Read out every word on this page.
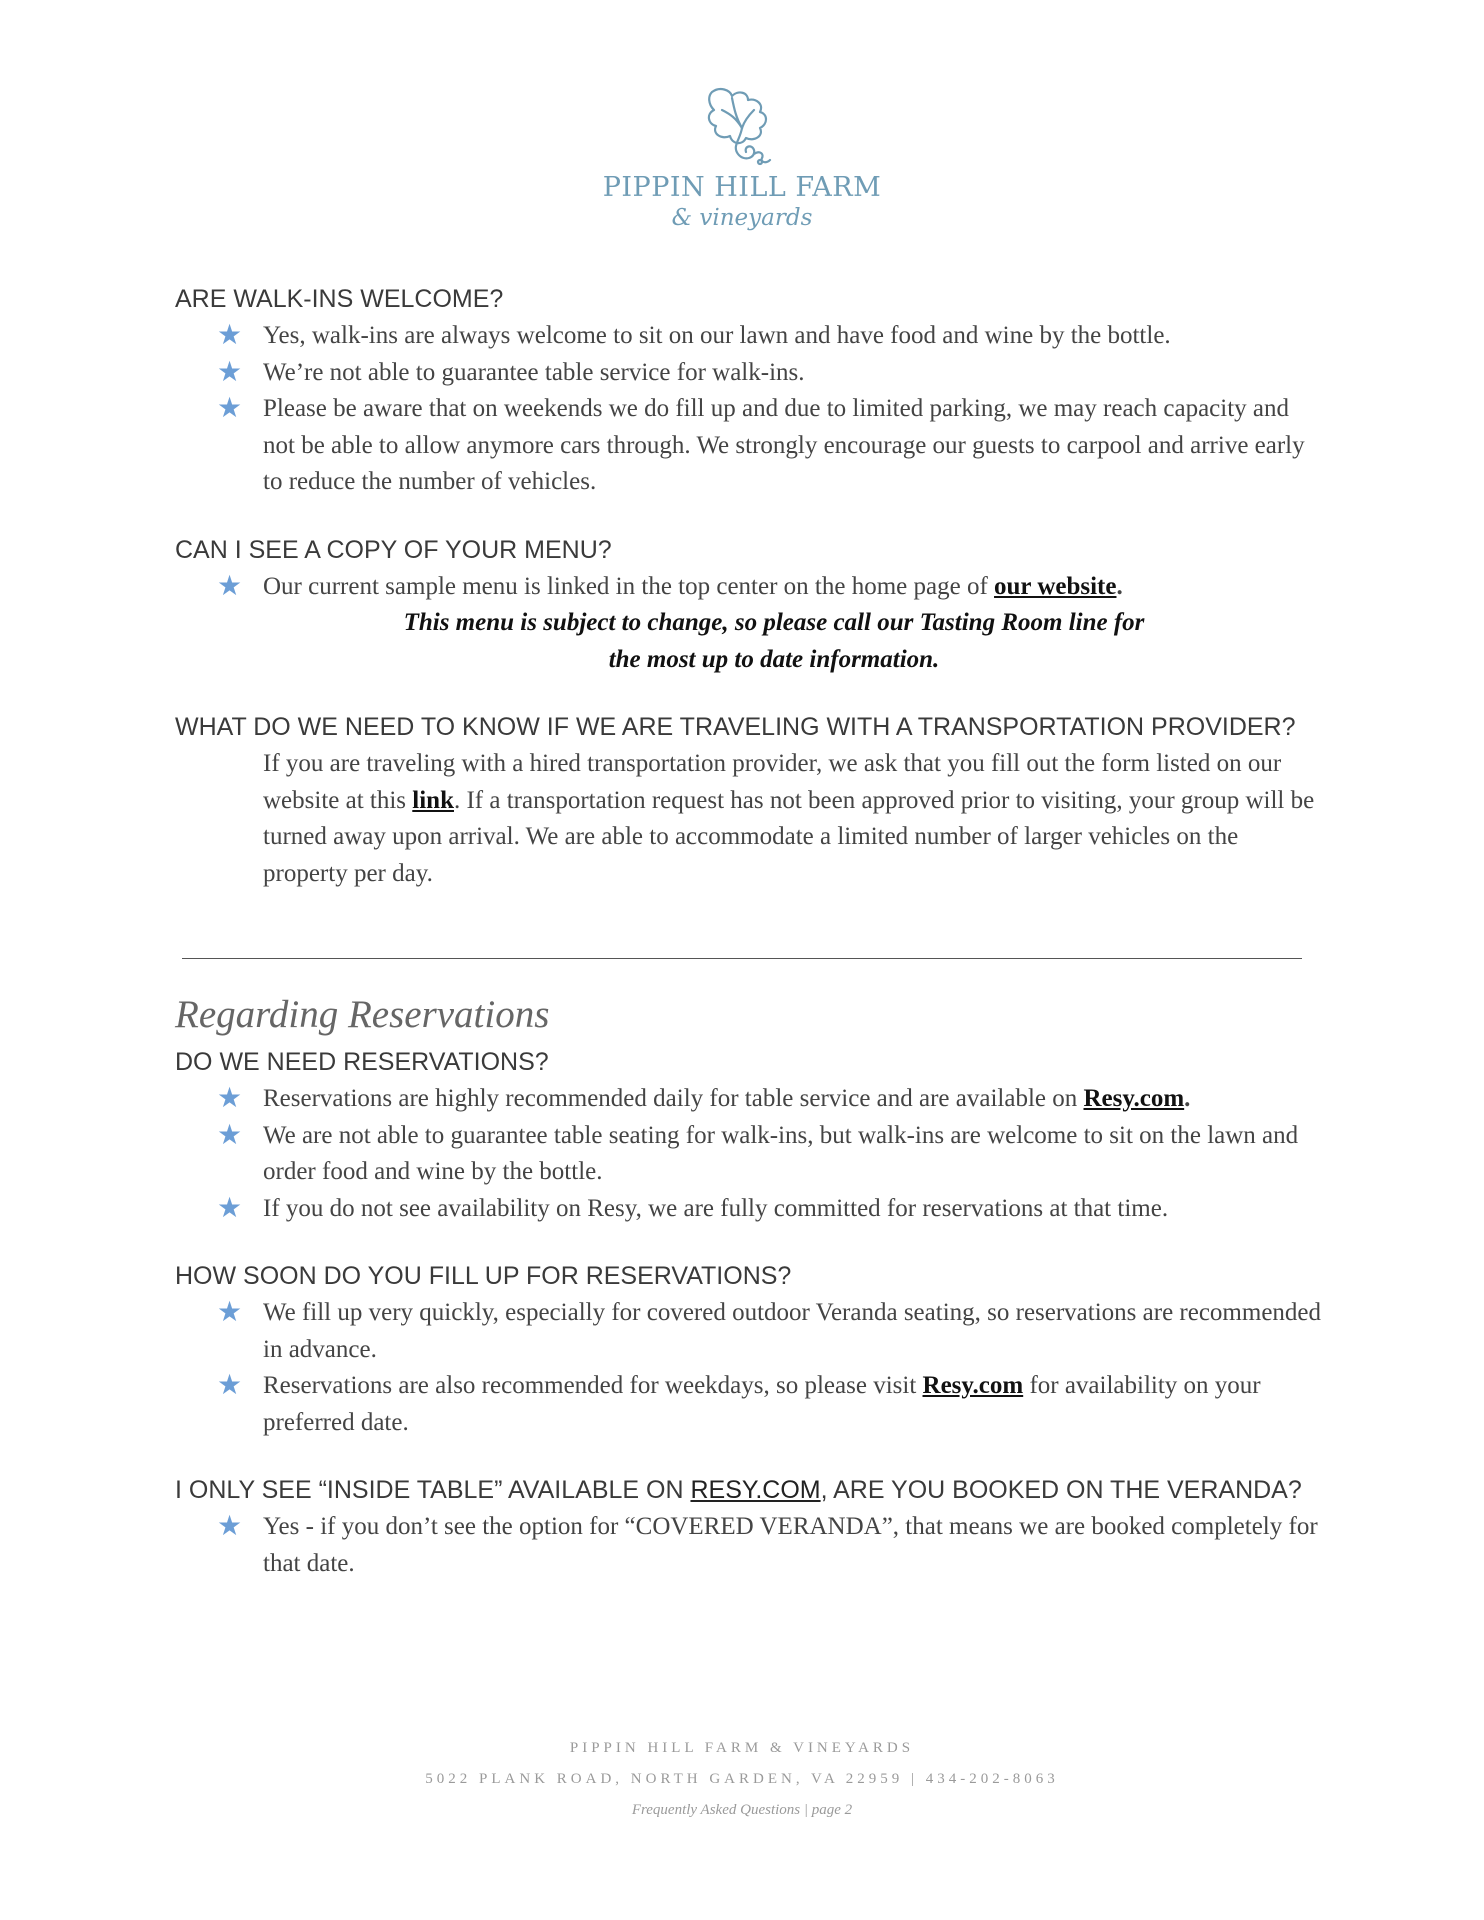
PIPPIN HILL FARM
& vineyards
ARE WALK-INS WELCOME?
★ Yes, walk-ins are always welcome to sit on our lawn and have food and wine by the bottle.
★ We’re not able to guarantee table service for walk-ins.
★ Please be aware that on weekends we do fill up and due to limited parking, we may reach capacity and not be able to allow anymore cars through. We strongly encourage our guests to carpool and arrive early to reduce the number of vehicles.
CAN I SEE A COPY OF YOUR MENU?
★ Our current sample menu is linked in the top center on the home page of our website.
This menu is subject to change, so please call our Tasting Room line for
the most up to date information.
WHAT DO WE NEED TO KNOW IF WE ARE TRAVELING WITH A TRANSPORTATION PROVIDER?
If you are traveling with a hired transportation provider, we ask that you fill out the form listed on our website at this link. If a transportation request has not been approved prior to visiting, your group will be turned away upon arrival. We are able to accommodate a limited number of larger vehicles on the property per day.
Regarding Reservations
DO WE NEED RESERVATIONS?
★ Reservations are highly recommended daily for table service and are available on Resy.com.
★ We are not able to guarantee table seating for walk-ins, but walk-ins are welcome to sit on the lawn and order food and wine by the bottle.
★ If you do not see availability on Resy, we are fully committed for reservations at that time.
HOW SOON DO YOU FILL UP FOR RESERVATIONS?
★ We fill up very quickly, especially for covered outdoor Veranda seating, so reservations are recommended in advance.
★ Reservations are also recommended for weekdays, so please visit Resy.com for availability on your preferred date.
I ONLY SEE “INSIDE TABLE” AVAILABLE ON RESY.COM, ARE YOU BOOKED ON THE VERANDA?
★ Yes - if you don’t see the option for “COVERED VERANDA”, that means we are booked completely for that date.
PIPPIN HILL FARM & VINEYARDS
5022 PLANK ROAD, NORTH GARDEN, VA 22959 | 434-202-8063
Frequently Asked Questions | page 2
